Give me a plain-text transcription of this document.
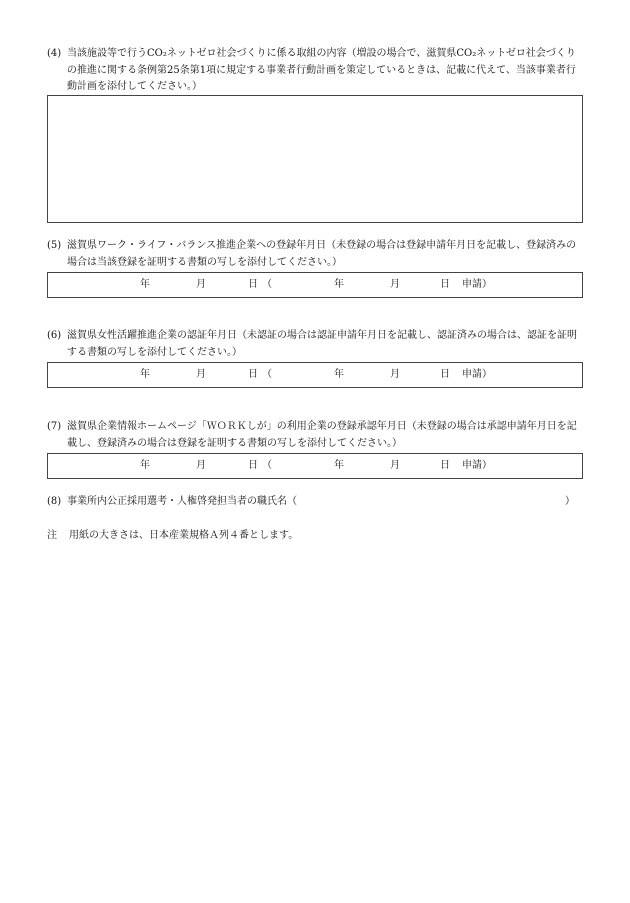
(4) 当該施設等で行うCO₂ネットゼロ社会づくりに係る取組の内容（増設の場合で、滋賀県CO₂ネットゼロ社会づくりの推進に関する条例第25条第1項に規定する事業者行動計画を策定しているときは、記載に代えて、当該事業者行動計画を添付してください。）
(5) 滋賀県ワーク・ライフ・バランス推進企業への登録年月日（未登録の場合は登録申請年月日を記載し、登録済みの場合は当該登録を証明する書類の写しを添付してください。）
年	月	日 （	年	月	日 申請）
(6) 滋賀県女性活躍推進企業の認証年月日（未認証の場合は認証申請年月日を記載し、認証済みの場合は、認証を証明する書類の写しを添付してください。）
年	月	日 （	年	月	日 申請）
(7) 滋賀県企業情報ホームページ「ＷＯＲＫしが」の利用企業の登録承認年月日（未登録の場合は承認申請年月日を記載し、登録済みの場合は登録を証明する書類の写しを添付してください。）
年	月	日 （	年	月	日 申請）
(8) 事業所内公正採用選考・人権啓発担当者の職氏名（	）
注 用紙の大きさは、日本産業規格Ａ列４番とします。
